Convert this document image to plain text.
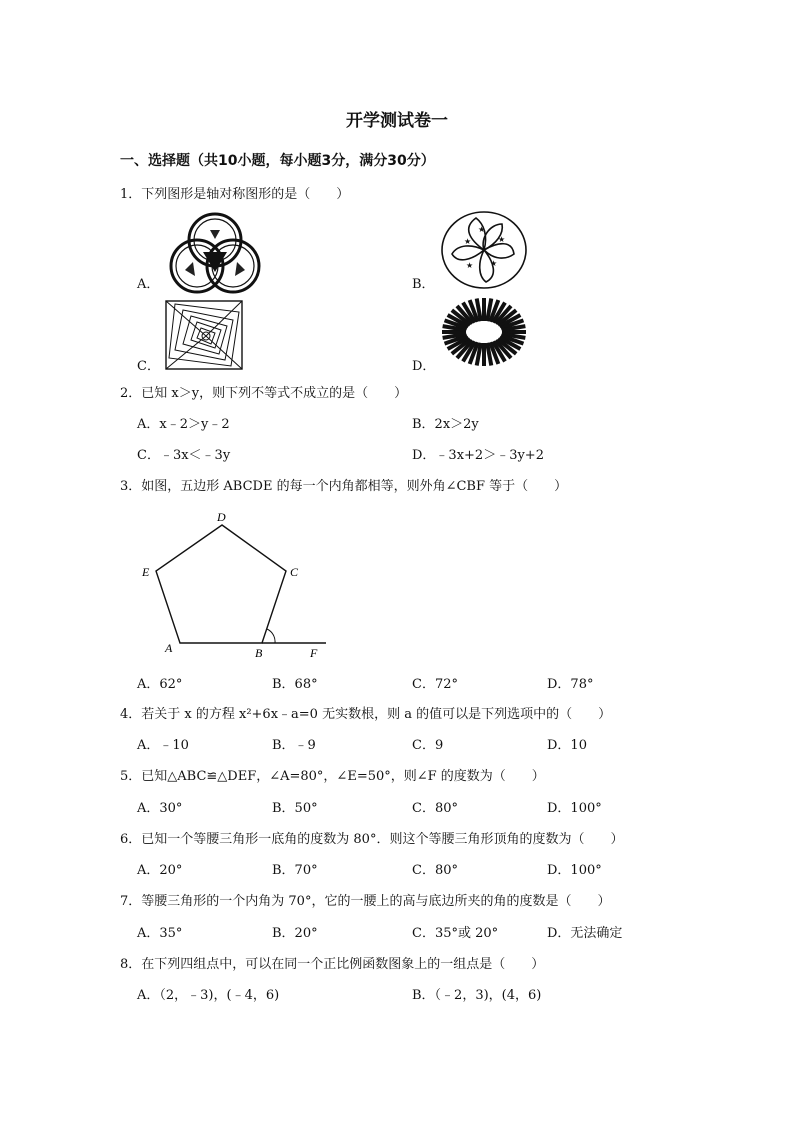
开学测试卷一
一、选择题（共10小题，每小题3分，满分30分）
1．下列图形是轴对称图形的是（　　）
A．
★	★
★
★
★
B．
C．	D．
2．已知 x＞y，则下列不等式不成立的是（　　）
A．x﹣2＞y﹣2	B．2x＞2y
C．﹣3x＜﹣3y	D．﹣3x+2＞﹣3y+2
3．如图，五边形 ABCDE 的每一个内角都相等，则外角∠CBF 等于（　　）
D
E	C
A	B	F
A．62°	B．68°	C．72°	D．78°
4．若关于 x 的方程 x²+6x﹣a=0 无实数根，则 a 的值可以是下列选项中的（　　）
A．﹣10	B．﹣9	C．9	D．10
5．已知△ABC≌△DEF，∠A=80°，∠E=50°，则∠F 的度数为（　　）
A．30°	B．50°	C．80°	D．100°
6．已知一个等腰三角形一底角的度数为 80°．则这个等腰三角形顶角的度数为（　　）
A．20°	B．70°	C．80°	D．100°
7．等腰三角形的一个内角为 70°，它的一腰上的高与底边所夹的角的度数是（　　）
A．35°	B．20°	C．35°或 20°	D．无法确定
8．在下列四组点中，可以在同一个正比例函数图象上的一组点是（　　）
A．（2，﹣3)，(﹣4，6)	B．（﹣2，3)，(4，6)
